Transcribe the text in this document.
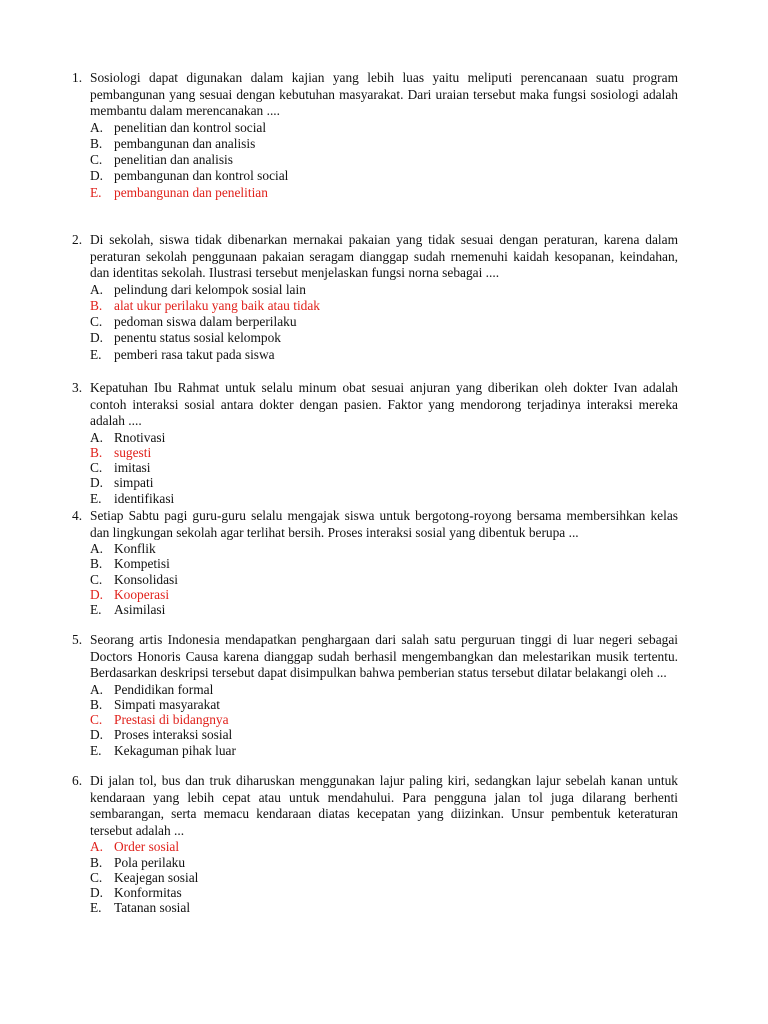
1. Sosiologi dapat digunakan dalam kajian yang lebih luas yaitu meliputi perencanaan suatu program pembangunan yang sesuai dengan kebutuhan masyarakat. Dari uraian tersebut maka fungsi sosiologi adalah membantu dalam merencanakan ....
A. penelitian dan kontrol social
B. pembangunan dan analisis
C. penelitian dan analisis
D. pembangunan dan kontrol social
E. pembangunan dan penelitian
2. Di sekolah, siswa tidak dibenarkan mernakai pakaian yang tidak sesuai dengan peraturan, karena dalam peraturan sekolah penggunaan pakaian seragam dianggap sudah rnemenuhi kaidah kesopanan, keindahan, dan identitas sekolah. Ilustrasi tersebut menjelaskan fungsi norna sebagai ....
A. pelindung dari kelompok sosial lain
B. alat ukur perilaku yang baik atau tidak
C. pedoman siswa dalam berperilaku
D. penentu status sosial kelompok
E. pemberi rasa takut pada siswa
3. Kepatuhan Ibu Rahmat untuk selalu minum obat sesuai anjuran yang diberikan oleh dokter Ivan adalah contoh interaksi sosial antara dokter dengan pasien. Faktor yang mendorong terjadinya interaksi mereka adalah ....
A. Rnotivasi
B. sugesti
C. imitasi
D. simpati
E. identifikasi
4. Setiap Sabtu pagi guru-guru selalu mengajak siswa untuk bergotong-royong bersama membersihkan kelas dan lingkungan sekolah agar terlihat bersih. Proses interaksi sosial yang dibentuk berupa ...
A. Konflik
B. Kompetisi
C. Konsolidasi
D. Kooperasi
E. Asimilasi
5. Seorang artis Indonesia mendapatkan penghargaan dari salah satu perguruan tinggi di luar negeri sebagai Doctors Honoris Causa karena dianggap sudah berhasil mengembangkan dan melestarikan musik tertentu. Berdasarkan deskripsi tersebut dapat disimpulkan bahwa pemberian status tersebut dilatar belakangi oleh ...
A. Pendidikan formal
B. Simpati masyarakat
C. Prestasi di bidangnya
D. Proses interaksi sosial
E. Kekaguman pihak luar
6. Di jalan tol, bus dan truk diharuskan menggunakan lajur paling kiri, sedangkan lajur sebelah kanan untuk kendaraan yang lebih cepat atau untuk mendahului. Para pengguna jalan tol juga dilarang berhenti sembarangan, serta memacu kendaraan diatas kecepatan yang diizinkan. Unsur pembentuk keteraturan tersebut adalah ...
A. Order sosial
B. Pola perilaku
C. Keajegan sosial
D. Konformitas
E. Tatanan sosial
